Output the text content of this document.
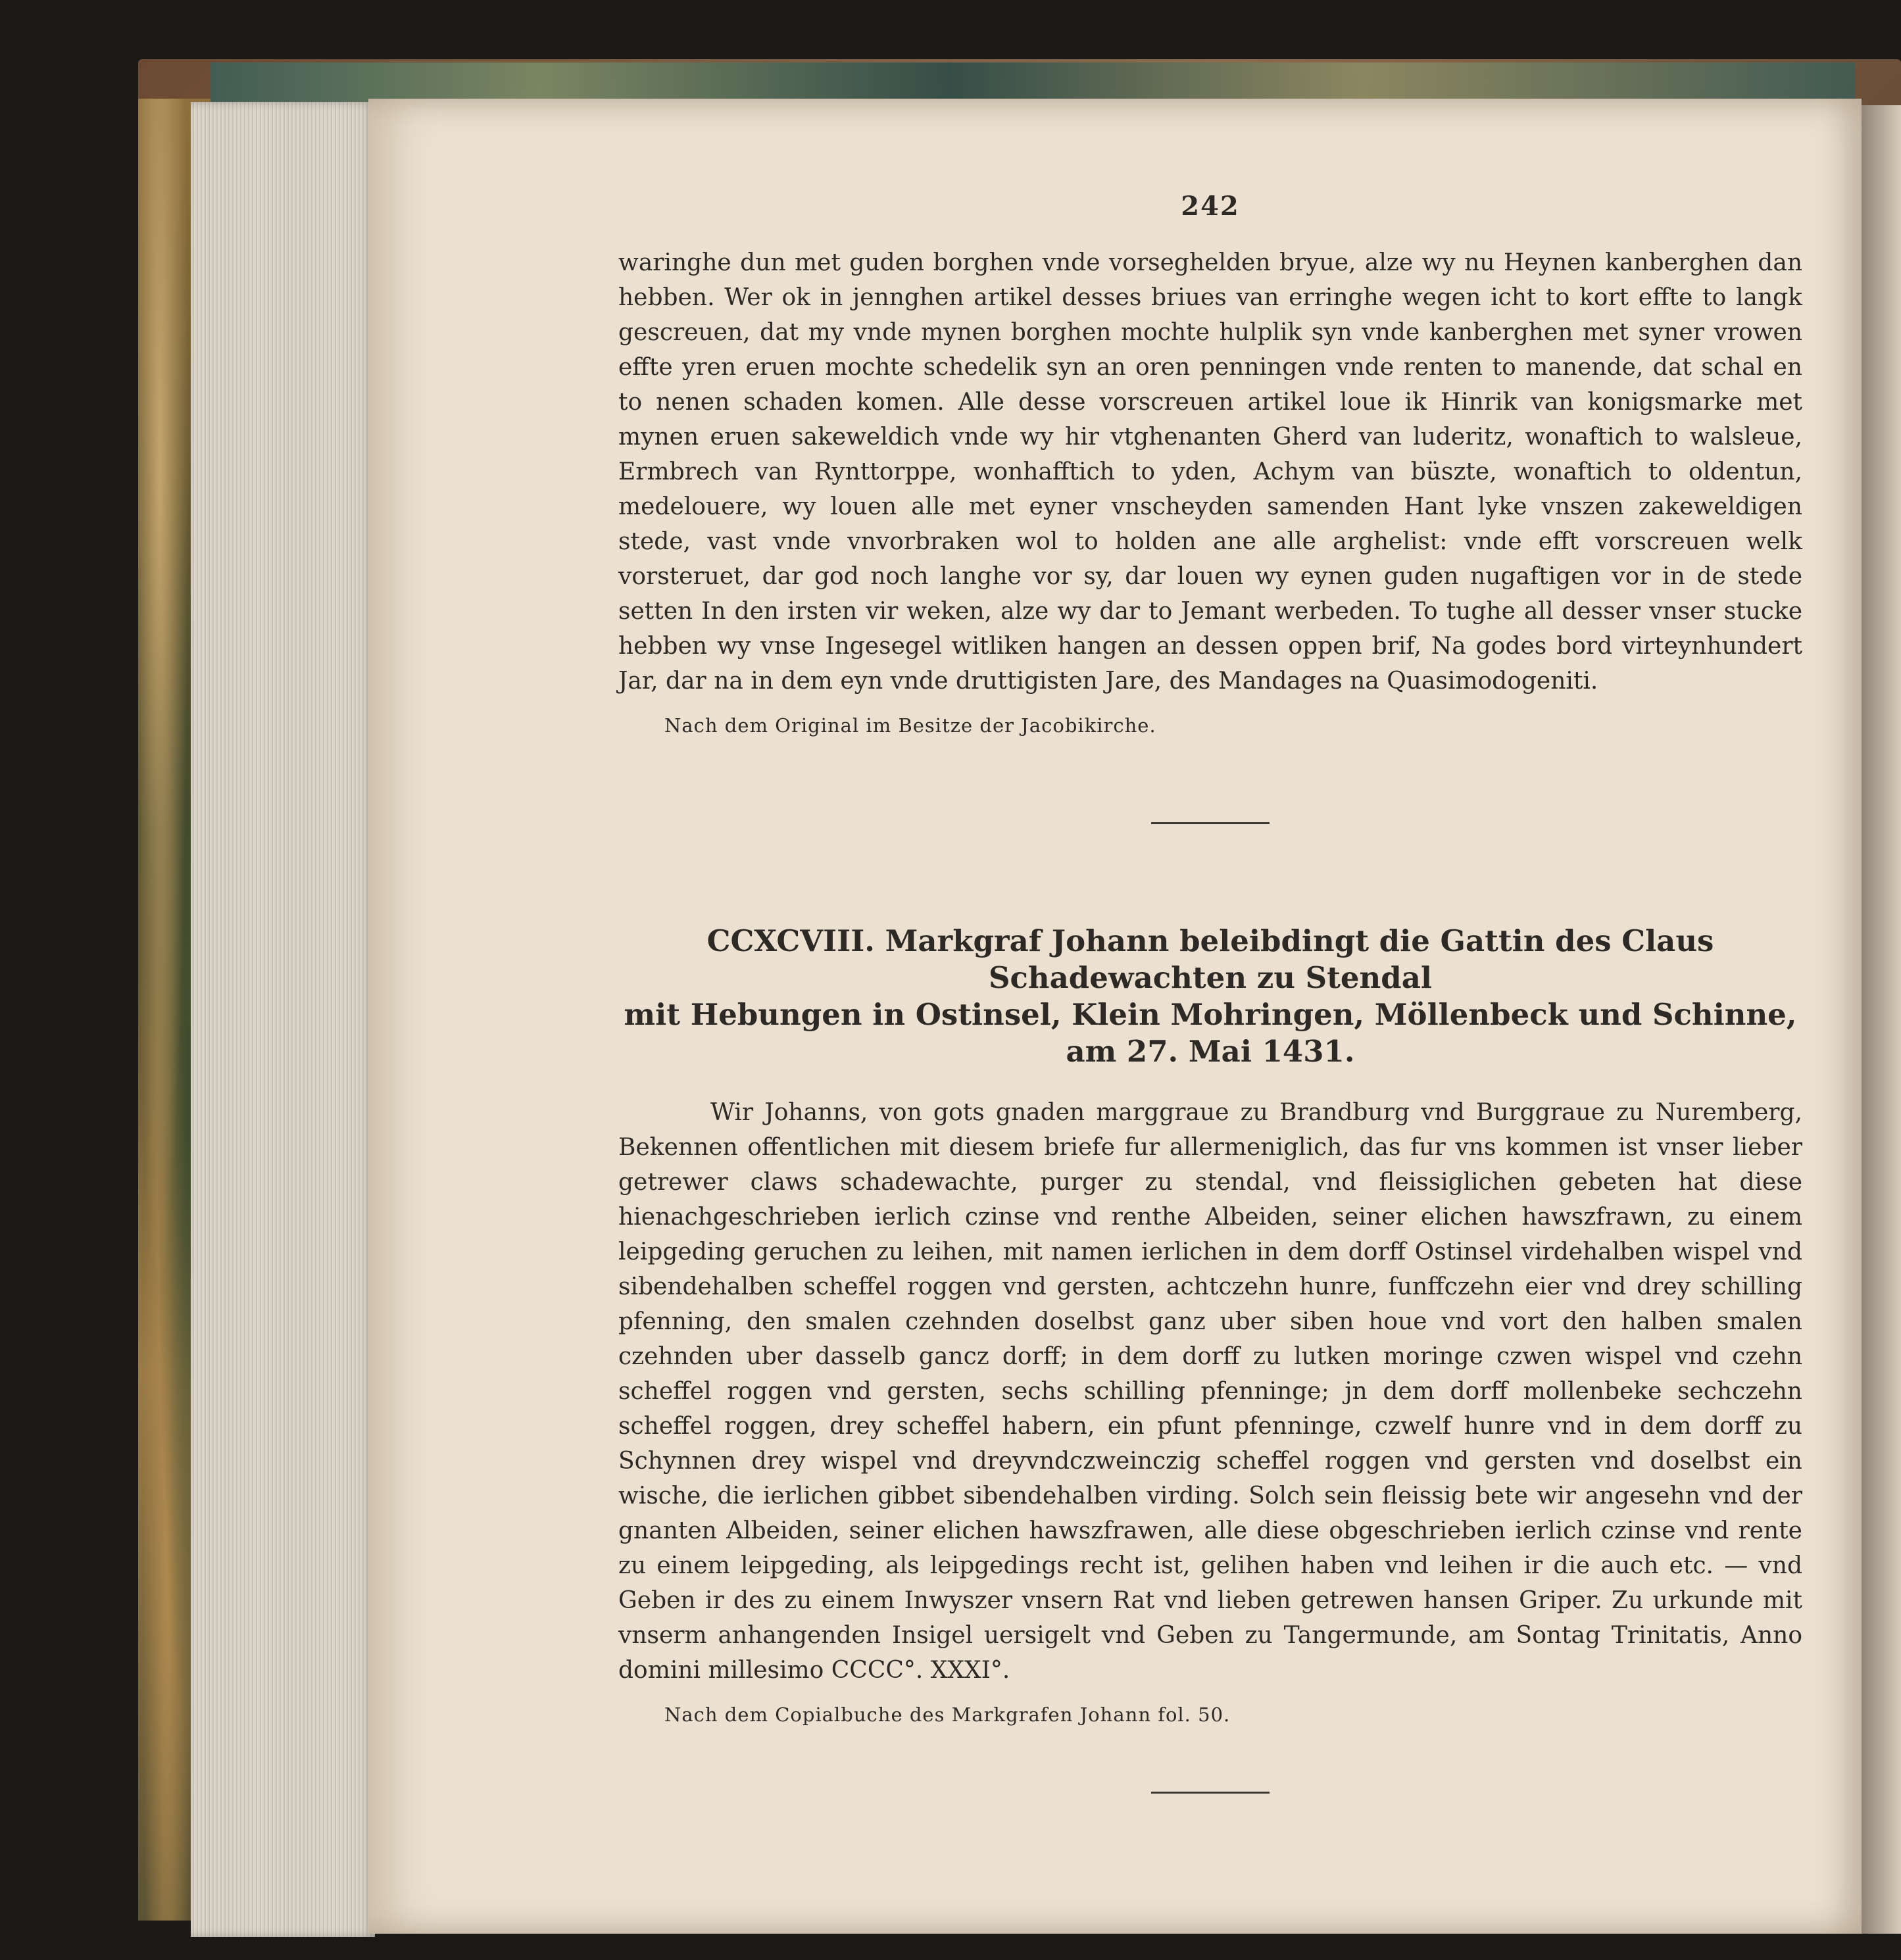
242

waringhe dun met guden borghen vnde vorseghelden bryue, alze wy nu Heynen kanberghen dan hebben. Wer ok in jennghen artikel desses briues van erringhe wegen icht to kort effte to langk gescreuen, dat my vnde mynen borghen mochte hulplik syn vnde kanberghen met syner vrowen effte yren eruen mochte schedelik syn an oren penningen vnde renten to manende, dat schal en to nenen schaden komen. Alle desse vorscreuen artikel loue ik Hinrik van konigsmarke met mynen eruen sakeweldich vnde wy hir vtghenanten Gherd van luderitz, wonaftich to walsleue, Ermbrech van Rynttorppe, wonhafftich to yden, Achym van büszte, wonaftich to oldentun, medelouere, wy louen alle met eyner vnscheyden samenden Hant lyke vnszen zakeweldigen stede, vast vnde vnvorbraken wol to holden ane alle arghelist: vnde efft vorscreuen welk vorsteruet, dar god noch langhe vor sy, dar louen wy eynen guden nugaftigen vor in de stede setten In den irsten vir weken, alze wy dar to Jemant werbeden. To tughe all desser vnser stucke hebben wy vnse Ingesegel witliken hangen an dessen oppen brif, Na godes bord virteynhundert Jar, dar na in dem eyn vnde druttigisten Jare, des Mandages na Quasimodogeniti.

Nach dem Original im Besitze der Jacobikirche.
CCXCVIII. Markgraf Johann beleibdingt die Gattin des Claus Schadewachten zu Stendal
mit Hebungen in Ostinsel, Klein Mohringen, Möllenbeck und Schinne, am 27. Mai 1431.

Wir Johanns, von gots gnaden marggraue zu Brandburg vnd Burggraue zu Nuremberg, Bekennen offentlichen mit diesem briefe fur allermeniglich, das fur vns kommen ist vnser lieber getrewer claws schadewachte, purger zu stendal, vnd fleissiglichen gebeten hat diese hienachgeschrieben ierlich czinse vnd renthe Albeiden, seiner elichen hawszfrawn, zu einem leipgeding geruchen zu leihen, mit namen ierlichen in dem dorff Ostinsel virdehalben wispel vnd sibendehalben scheffel roggen vnd gersten, achtczehn hunre, funffczehn eier vnd drey schilling pfenning, den smalen czehnden doselbst ganz uber siben houe vnd vort den halben smalen czehnden uber dasselb gancz dorff; in dem dorff zu lutken moringe czwen wispel vnd czehn scheffel roggen vnd gersten, sechs schilling pfenninge; jn dem dorff mollenbeke sechczehn scheffel roggen, drey scheffel habern, ein pfunt pfenninge, czwelf hunre vnd in dem dorff zu Schynnen drey wispel vnd dreyvndczweinczig scheffel roggen vnd gersten vnd doselbst ein wische, die ierlichen gibbet sibendehalben virding. Solch sein fleissig bete wir angesehn vnd der gnanten Albeiden, seiner elichen hawszfrawen, alle diese obgeschrieben ierlich czinse vnd rente zu einem leipgeding, als leipgedings recht ist, gelihen haben vnd leihen ir die auch etc. — vnd Geben ir des zu einem Inwyszer vnsern Rat vnd lieben getrewen hansen Griper. Zu urkunde mit vnserm anhangenden Insigel uersigelt vnd Geben zu Tangermunde, am Sontag Trinitatis, Anno domini millesimo CCCC°. XXXI°.

Nach dem Copialbuche des Markgrafen Johann fol. 50.
